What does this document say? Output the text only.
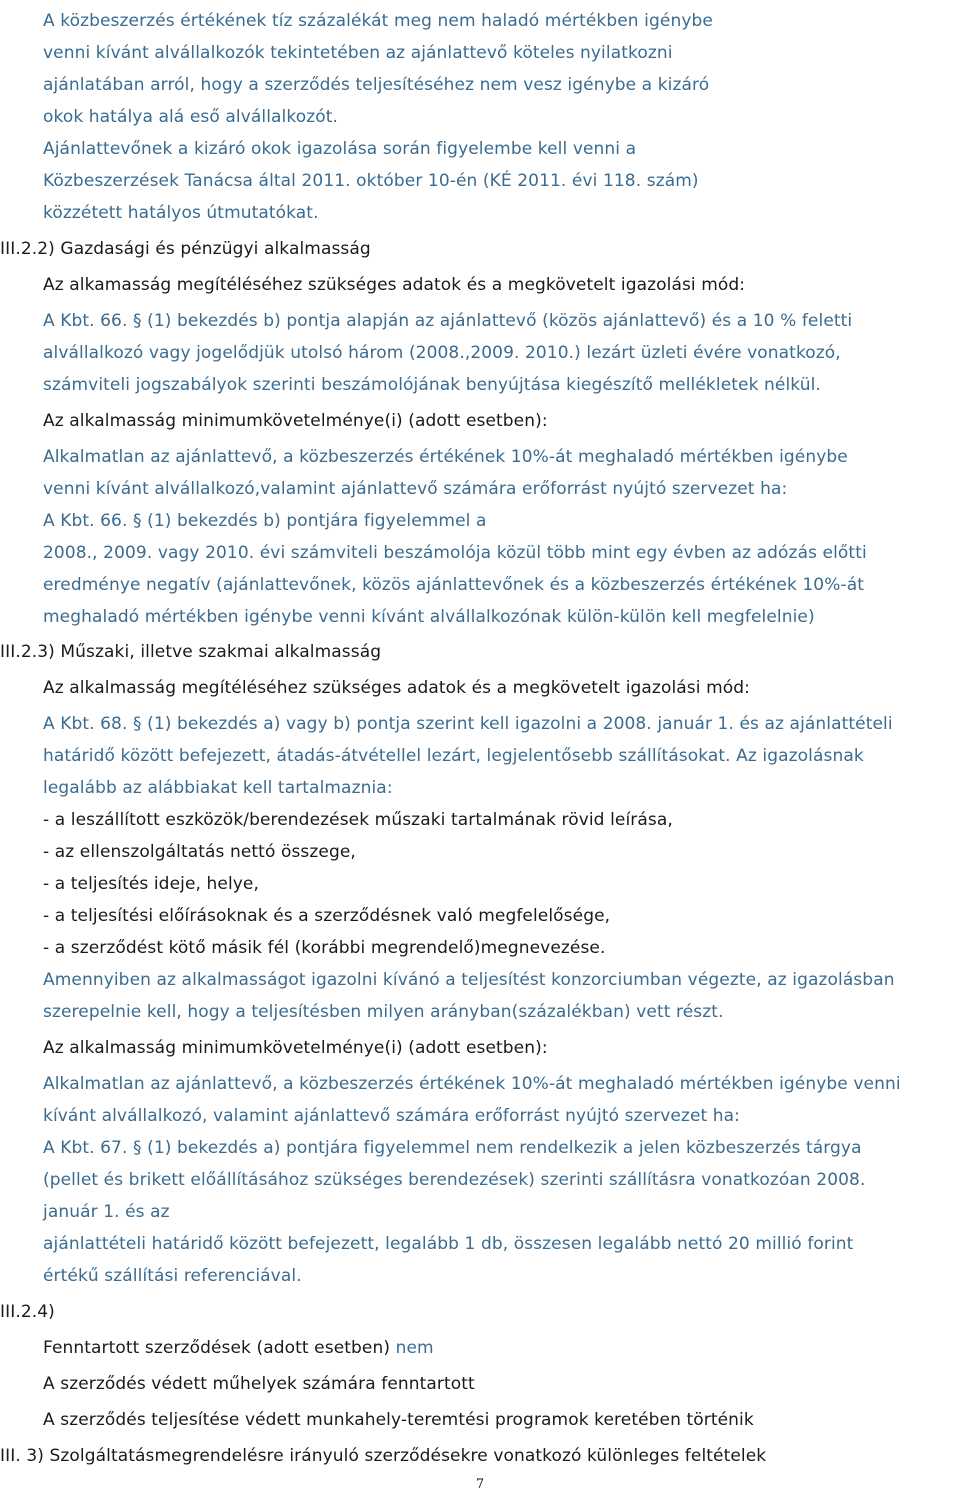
A közbeszerzés értékének tíz százalékát meg nem haladó mértékben igénybe
venni kívánt alvállalkozók tekintetében az ajánlattevő köteles nyilatkozni
ajánlatában arról, hogy a szerződés teljesítéséhez nem vesz igénybe a kizáró
okok hatálya alá eső alvállalkozót.
Ajánlattevőnek a kizáró okok igazolása során figyelembe kell venni a
Közbeszerzések Tanácsa által 2011. október 10-én (KÉ 2011. évi 118. szám)
közzétett hatályos útmutatókat.
III.2.2) Gazdasági és pénzügyi alkalmasság
Az alkamasság megítéléséhez szükséges adatok és a megkövetelt igazolási mód:
A Kbt. 66. § (1) bekezdés b) pontja alapján az ajánlattevő (közös ajánlattevő) és a 10 % feletti
alvállalkozó vagy jogelődjük utolsó három (2008.,2009. 2010.) lezárt üzleti évére vonatkozó,
számviteli jogszabályok szerinti beszámolójának benyújtása kiegészítő mellékletek nélkül.
Az alkalmasság minimumkövetelménye(i) (adott esetben):
Alkalmatlan az ajánlattevő, a közbeszerzés értékének 10%-át meghaladó mértékben igénybe
venni kívánt alvállalkozó,valamint ajánlattevő számára erőforrást nyújtó szervezet ha:
A Kbt. 66. § (1) bekezdés b) pontjára figyelemmel a
2008., 2009. vagy 2010. évi számviteli beszámolója közül több mint egy évben az adózás előtti
eredménye negatív (ajánlattevőnek, közös ajánlattevőnek és a közbeszerzés értékének 10%-át
meghaladó mértékben igénybe venni kívánt alvállalkozónak külön-külön kell megfelelnie)
III.2.3) Műszaki, illetve szakmai alkalmasság
Az alkalmasság megítéléséhez szükséges adatok és a megkövetelt igazolási mód:
A Kbt. 68. § (1) bekezdés a) vagy b) pontja szerint kell igazolni a 2008. január 1. és az ajánlattételi
határidő között befejezett, átadás-átvétellel lezárt, legjelentősebb szállításokat. Az igazolásnak
legalább az alábbiakat kell tartalmaznia:
- a leszállított eszközök/berendezések műszaki tartalmának rövid leírása,
- az ellenszolgáltatás nettó összege,
- a teljesítés ideje, helye,
- a teljesítési előírásoknak és a szerződésnek való megfelelősége,
- a szerződést kötő másik fél (korábbi megrendelő)megnevezése.
Amennyiben az alkalmasságot igazolni kívánó a teljesítést konzorciumban végezte, az igazolásban
szerepelnie kell, hogy a teljesítésben milyen arányban(százalékban) vett részt.
Az alkalmasság minimumkövetelménye(i) (adott esetben):
Alkalmatlan az ajánlattevő, a közbeszerzés értékének 10%-át meghaladó mértékben igénybe venni
kívánt alvállalkozó, valamint ajánlattevő számára erőforrást nyújtó szervezet ha:
A Kbt. 67. § (1) bekezdés a) pontjára figyelemmel nem rendelkezik a jelen közbeszerzés tárgya
(pellet és brikett előállításához szükséges berendezések) szerinti szállításra vonatkozóan 2008.
január 1. és az
ajánlattételi határidő között befejezett, legalább 1 db, összesen legalább nettó 20 millió forint
értékű szállítási referenciával.
III.2.4)
Fenntartott szerződések (adott esetben) nem
A szerződés védett műhelyek számára fenntartott
A szerződés teljesítése védett munkahely-teremtési programok keretében történik
III. 3) Szolgáltatásmegrendelésre irányuló szerződésekre vonatkozó különleges feltételek
7
